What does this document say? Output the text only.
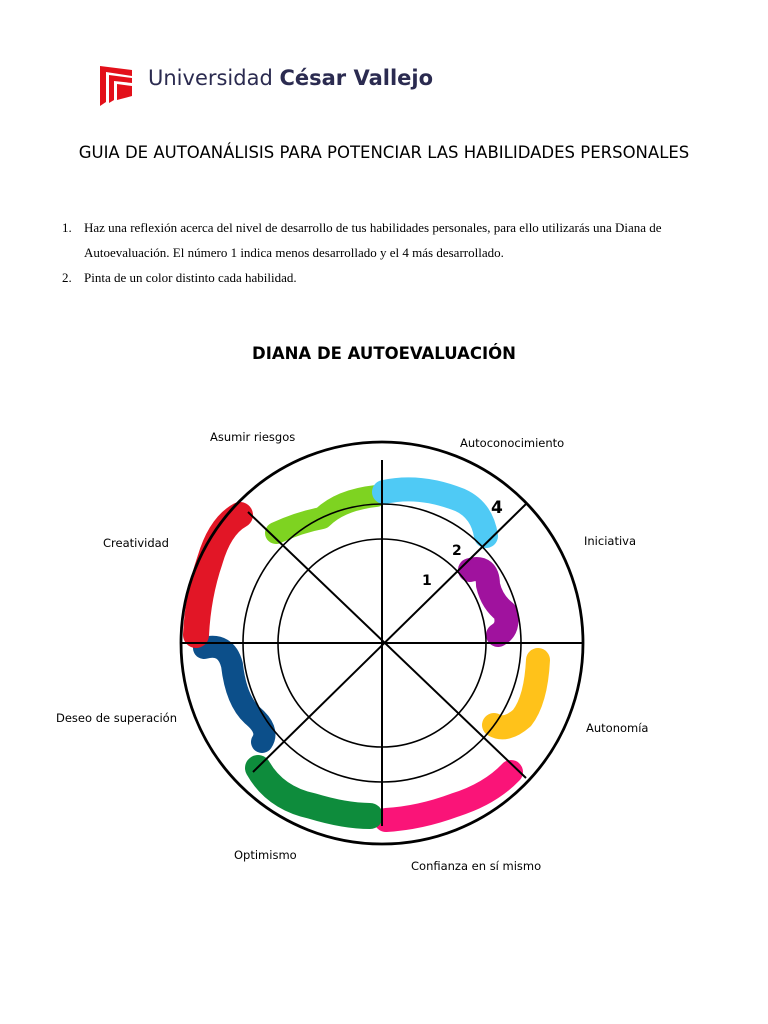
Universidad César Vallejo
GUIA DE AUTOANÁLISIS PARA POTENCIAR LAS HABILIDADES PERSONALES
1. Haz una reflexión acerca del nivel de desarrollo de tus habilidades personales, para ello utilizarás una Diana de
Autoevaluación. El número 1 indica menos desarrollado y el 4 más desarrollado.
2. Pinta de un color distinto cada habilidad.
DIANA DE AUTOEVALUACIÓN
1
2
4
Asumir riesgos	Autoconocimiento
Iniciativa
Autonomía
Confianza en sí mismo
Optimismo
Deseo de superación
Creatividad
